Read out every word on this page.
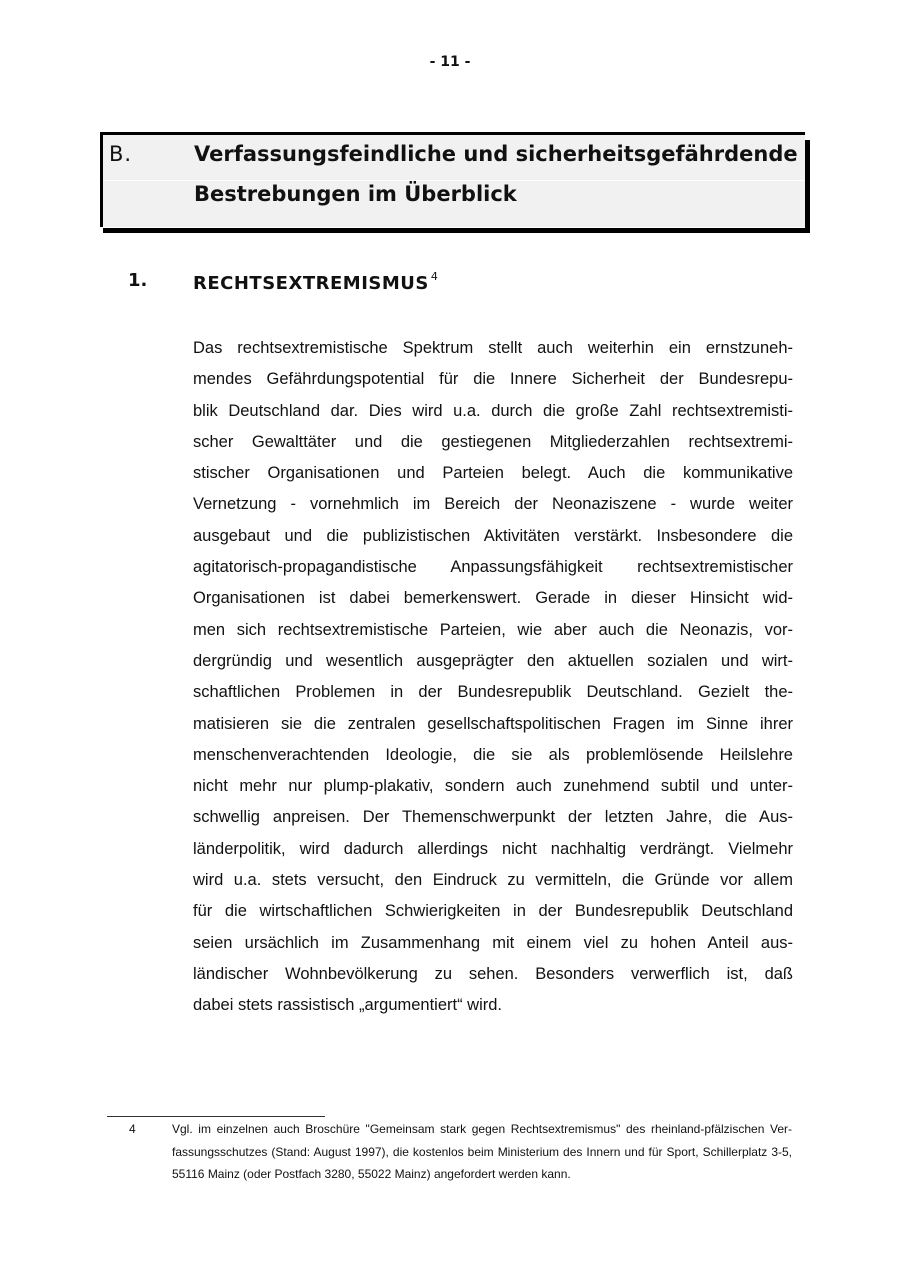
- 11 -
B.	Verfassungsfeindliche und sicherheitsgefährdende
Bestrebungen im Überblick
1.	RECHTSEXTREMISMUS $^4$
Das rechtsextremistische Spektrum stellt auch weiterhin ein ernstzuneh-
mendes Gefährdungspotential für die Innere Sicherheit der Bundesrepu-
blik Deutschland dar. Dies wird u.a. durch die große Zahl rechtsextremisti-
scher Gewalttäter und die gestiegenen Mitgliederzahlen rechtsextremi-
stischer Organisationen und Parteien belegt. Auch die kommunikative
Vernetzung - vornehmlich im Bereich der Neonaziszene - wurde weiter
ausgebaut und die publizistischen Aktivitäten verstärkt. Insbesondere die
agitatorisch-propagandistische Anpassungsfähigkeit rechtsextremistischer
Organisationen ist dabei bemerkenswert. Gerade in dieser Hinsicht wid-
men sich rechtsextremistische Parteien, wie aber auch die Neonazis, vor-
dergründig und wesentlich ausgeprägter den aktuellen sozialen und wirt-
schaftlichen Problemen in der Bundesrepublik Deutschland. Gezielt the-
matisieren sie die zentralen gesellschaftspolitischen Fragen im Sinne ihrer
menschenverachtenden Ideologie, die sie als problemlösende Heilslehre
nicht mehr nur plump-plakativ, sondern auch zunehmend subtil und unter-
schwellig anpreisen. Der Themenschwerpunkt der letzten Jahre, die Aus-
länderpolitik, wird dadurch allerdings nicht nachhaltig verdrängt. Vielmehr
wird u.a. stets versucht, den Eindruck zu vermitteln, die Gründe vor allem
für die wirtschaftlichen Schwierigkeiten in der Bundesrepublik Deutschland
seien ursächlich im Zusammenhang mit einem viel zu hohen Anteil aus-
ländischer Wohnbevölkerung zu sehen. Besonders verwerflich ist, daß
dabei stets rassistisch „argumentiert“ wird.
4	Vgl. im einzelnen auch Broschüre "Gemeinsam stark gegen Rechtsextremismus" des rheinland-pfälzischen Ver-
fassungsschutzes (Stand: August 1997), die kostenlos beim Ministerium des Innern und für Sport, Schillerplatz 3-5,
55116 Mainz (oder Postfach 3280, 55022 Mainz) angefordert werden kann.
